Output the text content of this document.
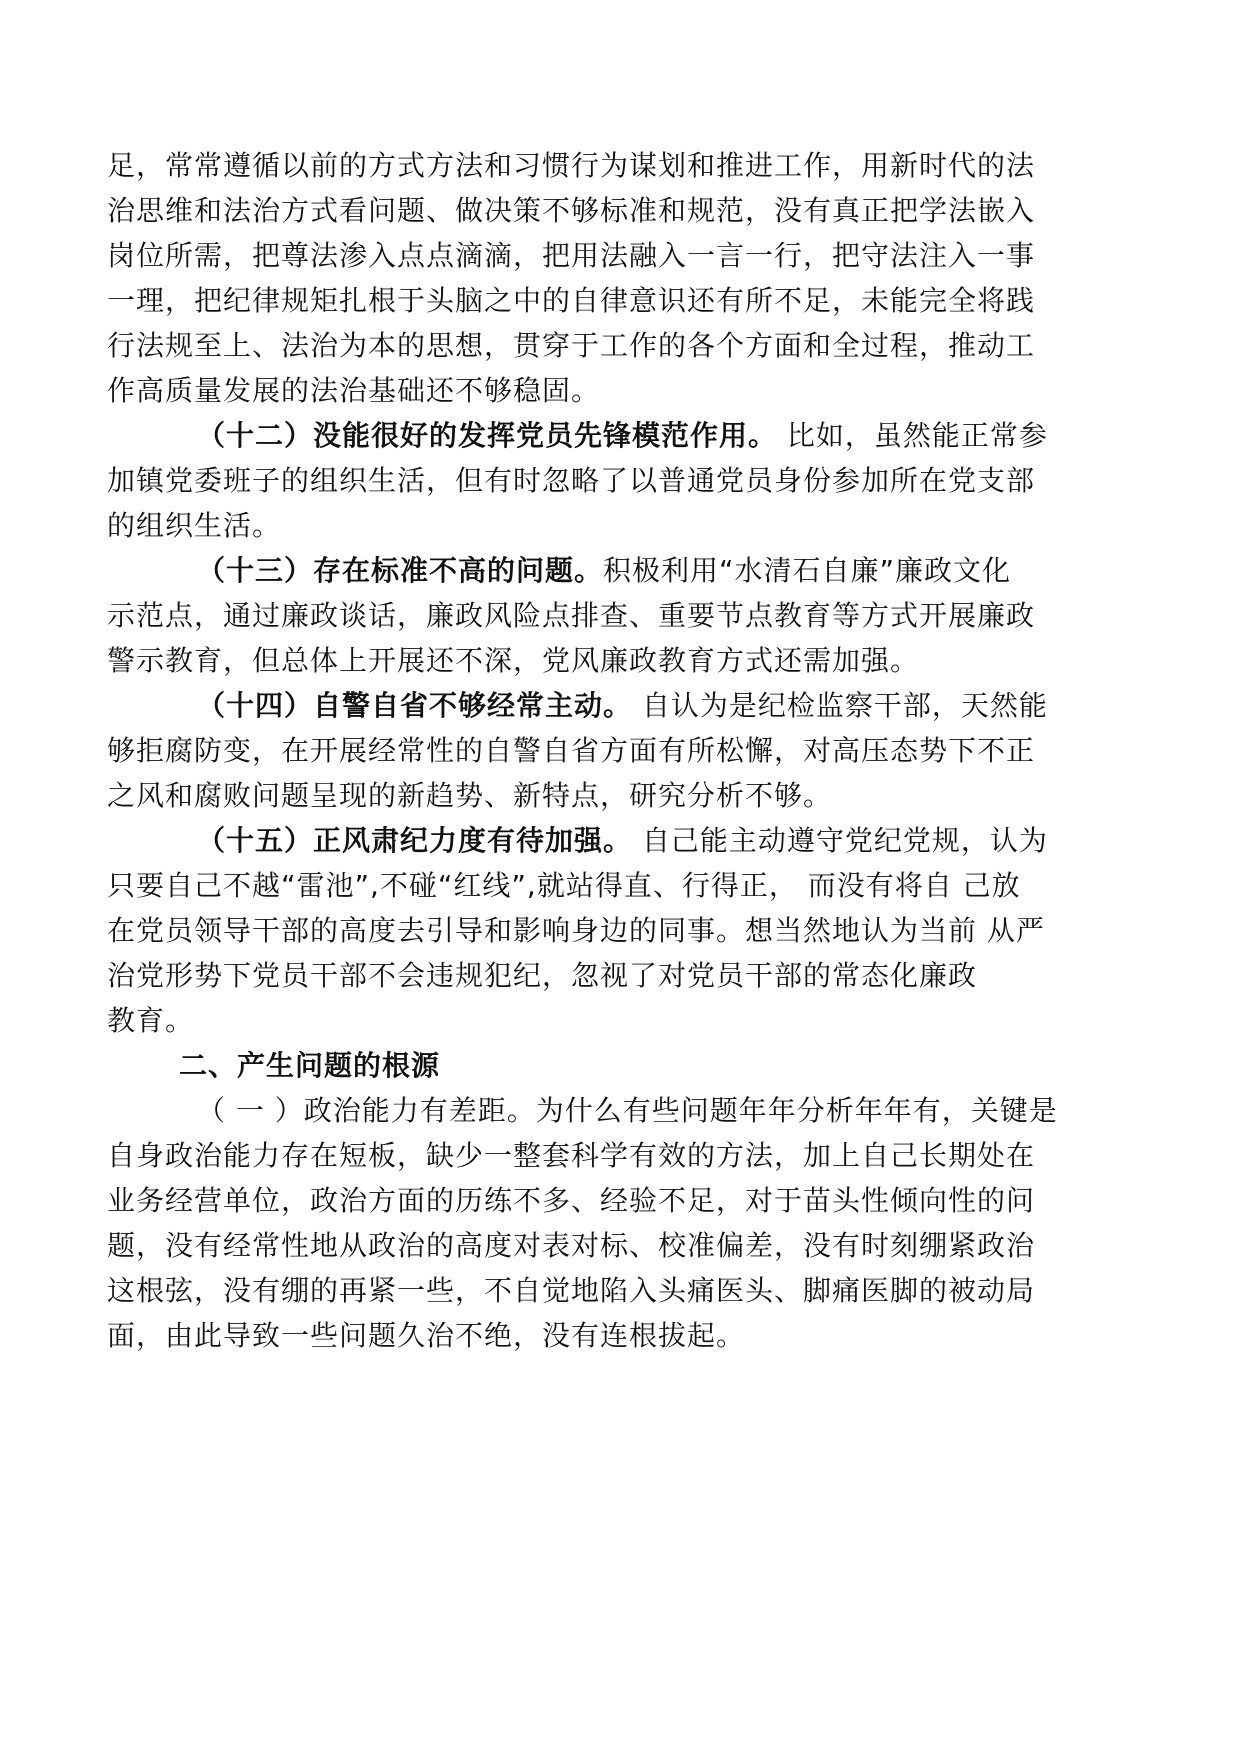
足，常常遵循以前的方式方法和习惯行为谋划和推进工作，用新时代的法
治思维和法治方式看问题、做决策不够标准和规范，没有真正把学法嵌入
岗位所需，把尊法渗入点点滴滴，把用法融入一言一行，把守法注入一事
一理，把纪律规矩扎根于头脑之中的自律意识还有所不足，未能完全将践
行法规至上、法治为本的思想，贯穿于工作的各个方面和全过程，推动工
作高质量发展的法治基础还不够稳固。
（十二）没能很好的发挥党员先锋模范作用。 比如，虽然能正常参
加镇党委班子的组织生活，但有时忽略了以普通党员身份参加所在党支部
的组织生活。
（十三）存在标准不高的问题。积极利用“水清石自廉”廉政文化
示范点，通过廉政谈话，廉政风险点排查、重要节点教育等方式开展廉政
警示教育，但总体上开展还不深，党风廉政教育方式还需加强。
（十四）自警自省不够经常主动。 自认为是纪检监察干部，天然能
够拒腐防变，在开展经常性的自警自省方面有所松懈，对高压态势下不正
之风和腐败问题呈现的新趋势、新特点，研究分析不够。
（十五）正风肃纪力度有待加强。 自己能主动遵守党纪党规，认为
只要自己不越“雷池”,不碰“红线”,就站得直、行得正， 而没有将自 己放
在党员领导干部的高度去引导和影响身边的同事。想当然地认为当前 从严
治党形势下党员干部不会违规犯纪，忽视了对党员干部的常态化廉政
教育。
二、产生问题的根源
（ 一 ）政治能力有差距。为什么有些问题年年分析年年有，关键是
自身政治能力存在短板，缺少一整套科学有效的方法，加上自己长期处在
业务经营单位，政治方面的历练不多、经验不足，对于苗头性倾向性的问
题，没有经常性地从政治的高度对表对标、校准偏差，没有时刻绷紧政治
这根弦，没有绷的再紧一些，不自觉地陷入头痛医头、脚痛医脚的被动局
面，由此导致一些问题久治不绝，没有连根拔起。
